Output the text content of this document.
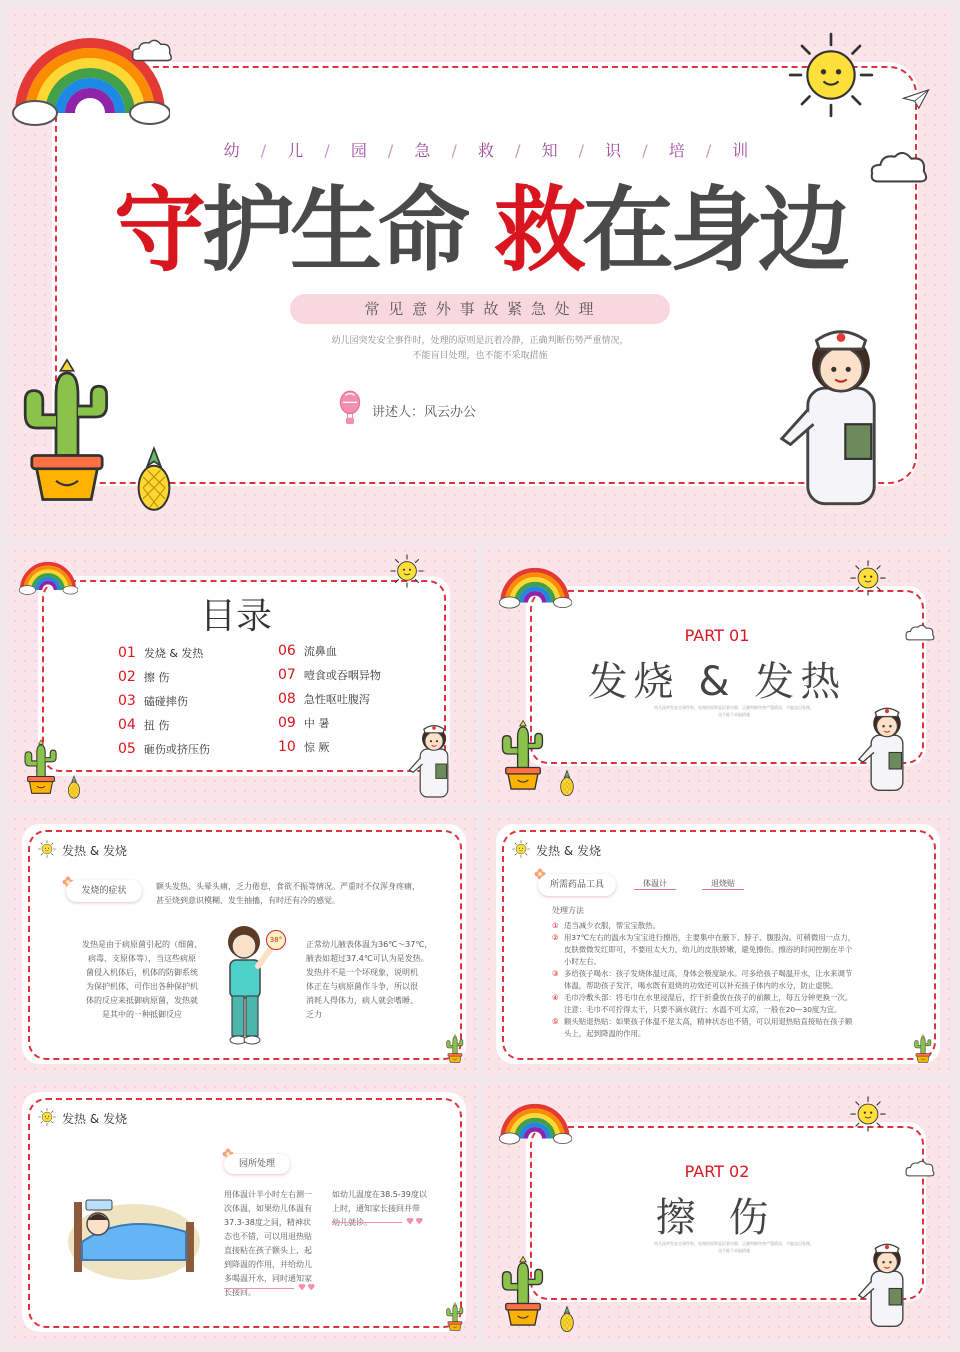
幼 / 儿 / 园 / 急 / 救 / 知 / 识 / 培 / 训
守护生命 救在身边
常 见 意 外 事 故 紧 急 处 理
幼儿园突发安全事件时，处理的原则是沉着冷静，正确判断伤势严重情况，
不能盲目处理，也不能不采取措施
讲述人：风云办公
目录
01 发烧 & 发热
02 擦 伤
03 磕碰摔伤
04 扭 伤
05 砸伤或挤压伤
06 流鼻血
07 噎食或吞咽异物
08 急性呕吐腹泻
09 中 暑
10 惊 厥
PART 01
发烧 & 发热
幼儿园突发安全事件时，处理的原则是沉着冷静，正确判断伤势严重情况，不能盲目处理，
也不能不采取措施
发热 & 发烧
发烧的症状	额头发热、头晕头痛，乏力倦怠，食欲不振等情况。严重时不仅浑身疼痛，
甚至烧到意识模糊、发生抽搐，有时还有冷的感觉。
发热是由于病原菌引起的（细菌、
病毒、支原体等），当这些病原
菌侵入机体后，机体的防御系统
为保护机体，可作出各种保护机
体的反应来抵御病原菌，发热就
是其中的一种抵御反应
38°	正常幼儿腋表体温为36℃～37℃，
腋表如超过37.4℃可认为是发热。
发热并不是一个坏现象，说明机
体正在与病原菌作斗争，所以很
消耗人得体力，病人就会嗜睡、
乏力
发热 & 发烧
所需药品工具	体温计	退烧贴
处理方法
① 适当减少衣服，帮宝宝散热。
② 用37℃左右的温水为宝宝进行擦浴，主要集中在腋下、脖子、腹股沟。可稍微用一点力，
皮肤微微发红即可，不要用太大力，幼儿的皮肤娇嫩，避免擦伤。擦浴的时间控制在半个
小时左右。
③ 多给孩子喝水：孩子发烧体温过高，身体会极度缺水。可多给孩子喝温开水，让水来调节
体温，帮助孩子发汗，喝水既有退烧的功效还可以补充孩子体内的水分，防止虚脱。
④ 毛巾冷敷头部：将毛巾在水里浸湿后，拧干折叠放在孩子的前额上，每五分钟更换一次。
注意：毛巾不可拧得太干，只要不滴水就行；水温不可太凉，一般在20—30度为宜。
⑤ 额头贴退热贴：如果孩子体温不是太高，精神状态也不错，可以用退热贴直接贴在孩子额
头上，起到降温的作用。
发热 & 发烧
园所处理
用体温计半小时左右测一
次体温，如果幼儿体温有
37.3-38度之间，精神状
态也不错，可以用退热贴
直接粘在孩子额头上，起
到降温的作用，并给幼儿
多喝温开水，同时通知家
长接回。
如幼儿温度在38.5-39度以
上时，通知家长接回并带
幼儿就诊。
PART 02
擦 伤
幼儿园突发安全事件时，处理的原则是沉着冷静，正确判断伤势严重情况，不能盲目处理，
也不能不采取措施
